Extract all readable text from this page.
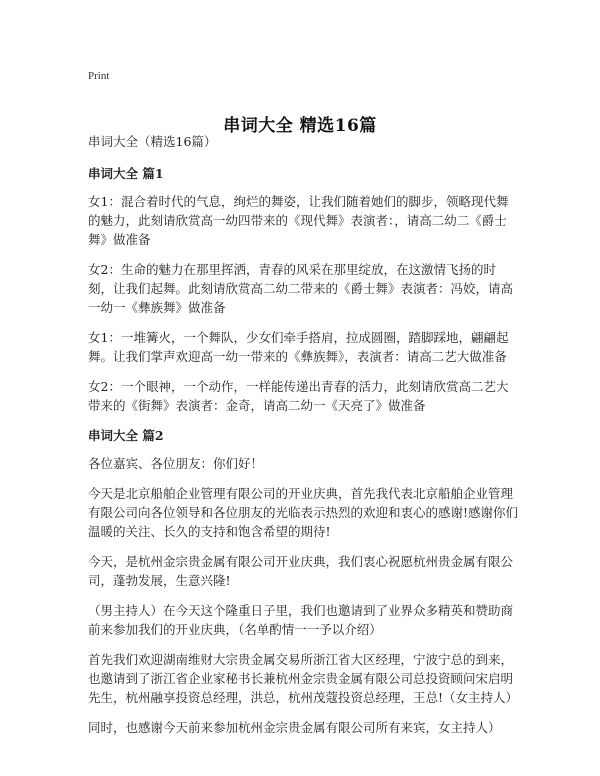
Print
串词大全 精选16篇

串词大全（精选16篇）

串词大全 篇1

女1：混合着时代的气息，绚烂的舞姿，让我们随着她们的脚步，领略现代舞的魅力，此刻请欣赏高一幼四带来的《现代舞》表演者：，请高二幼二《爵士舞》做准备

女2：生命的魅力在那里挥洒，青春的风采在那里绽放，在这激情飞扬的时刻，让我们起舞。此刻请欣赏高二幼二带来的《爵士舞》表演者：冯姣，请高一幼一《彝族舞》做准备

女1：一堆篝火，一个舞队，少女们牵手搭肩，拉成圆圈，踏脚踩地，翩翩起舞。让我们掌声欢迎高一幼一带来的《彝族舞》，表演者：请高二艺大做准备

女2：一个眼神，一个动作，一样能传递出青春的活力，此刻请欣赏高二艺大带来的《街舞》表演者：金奇，请高二幼一《天亮了》做准备

串词大全 篇2

各位嘉宾、各位朋友：你们好！

今天是北京船舶企业管理有限公司的开业庆典，首先我代表北京船舶企业管理有限公司向各位领导和各位朋友的光临表示热烈的欢迎和衷心的感谢!感谢你们温暖的关注、长久的支持和饱含希望的期待!

今天，是杭州金宗贵金属有限公司开业庆典，我们衷心祝愿杭州贵金属有限公司，蓬勃发展，生意兴隆!

（男主持人）在今天这个隆重日子里，我们也邀请到了业界众多精英和赞助商前来参加我们的开业庆典，（名单酌情一一予以介绍）

首先我们欢迎湖南维财大宗贵金属交易所浙江省大区经理，宁波宁总的到来，也邀请到了浙江省企业家秘书长兼杭州金宗贵金属有限公司总投资顾问宋启明先生，杭州融享投资总经理，洪总，杭州茂蔻投资总经理，王总!（女主持人）

同时，也感谢今天前来参加杭州金宗贵金属有限公司所有来宾，女主持人）
